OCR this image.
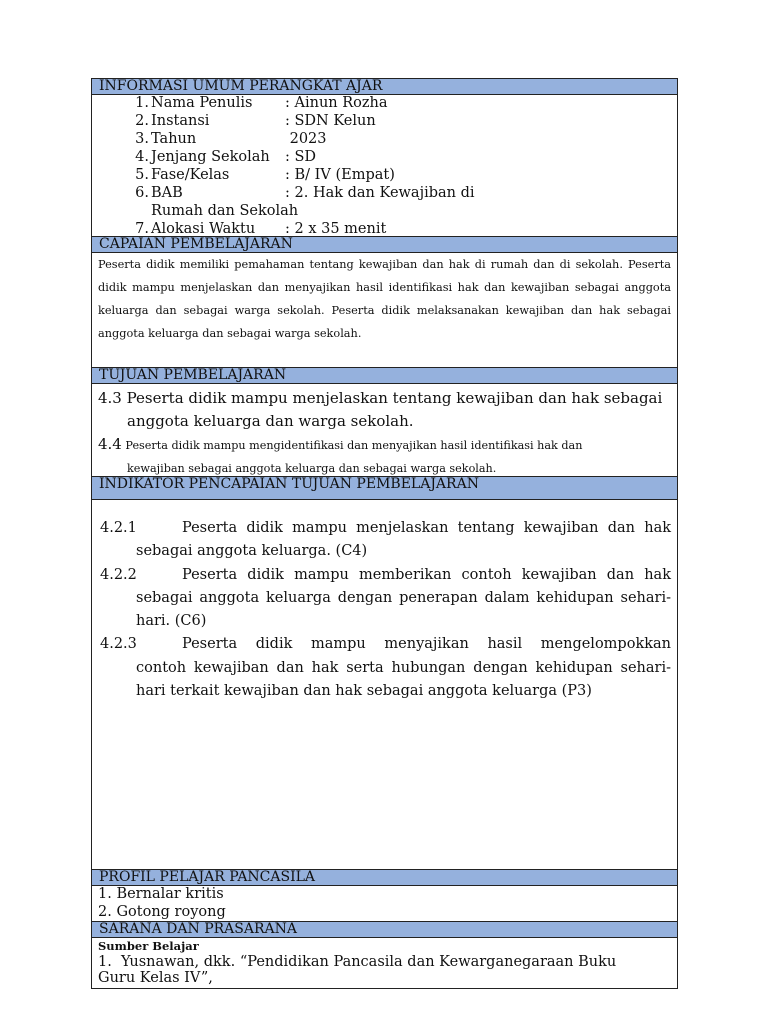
INFORMASI UMUM PERANGKAT AJAR
1. Nama Penulis : Ainun Rozha
2. Instansi	: SDN Kelun
3. Tahun	2023
4. Jenjang Sekolah : SD
5. Fase/Kelas	: B/ IV (Empat)
6. BAB	: 2. Hak dan Kewajiban di
Rumah dan Sekolah
7. Alokasi Waktu : 2 x 35 menit
CAPAIAN PEMBELAJARAN
Peserta didik memiliki pemahaman tentang kewajiban dan hak di rumah dan di sekolah. Peserta didik mampu menjelaskan dan menyajikan hasil identifikasi hak dan kewajiban sebagai anggota keluarga dan sebagai warga sekolah. Peserta didik melaksanakan kewajiban dan hak sebagai anggota keluarga dan sebagai warga sekolah.
TUJUAN PEMBELAJARAN

4.3 Peserta didik mampu menjelaskan tentang kewajiban dan hak sebagai

anggota keluarga dan warga sekolah.

4.4 Peserta didik mampu mengidentifikasi dan menyajikan hasil identifikasi hak dan

kewajiban sebagai anggota keluarga dan sebagai warga sekolah.

INDIKATOR PENCAPAIAN TUJUAN PEMBELAJARAN
4.2.1	Peserta didik mampu menjelaskan tentang kewajiban dan hak
sebagai anggota keluarga. (C4)
4.2.2	Peserta didik mampu memberikan contoh kewajiban dan hak
sebagai anggota keluarga dengan penerapan dalam kehidupan sehari-hari. (C6)
4.2.3	Peserta didik mampu menyajikan hasil mengelompokkan
contoh kewajiban dan hak serta hubungan dengan kehidupan sehari-hari terkait kewajiban dan hak sebagai anggota keluarga (P3)
PROFIL PELAJAR PANCASILA
1. Bernalar kritis
2. Gotong royong
SARANA DAN PRASARANA
Sumber Belajar
1.  Yusnawan, dkk. “Pendidikan Pancasila dan Kewarganegaraan Buku
Guru Kelas IV”,
